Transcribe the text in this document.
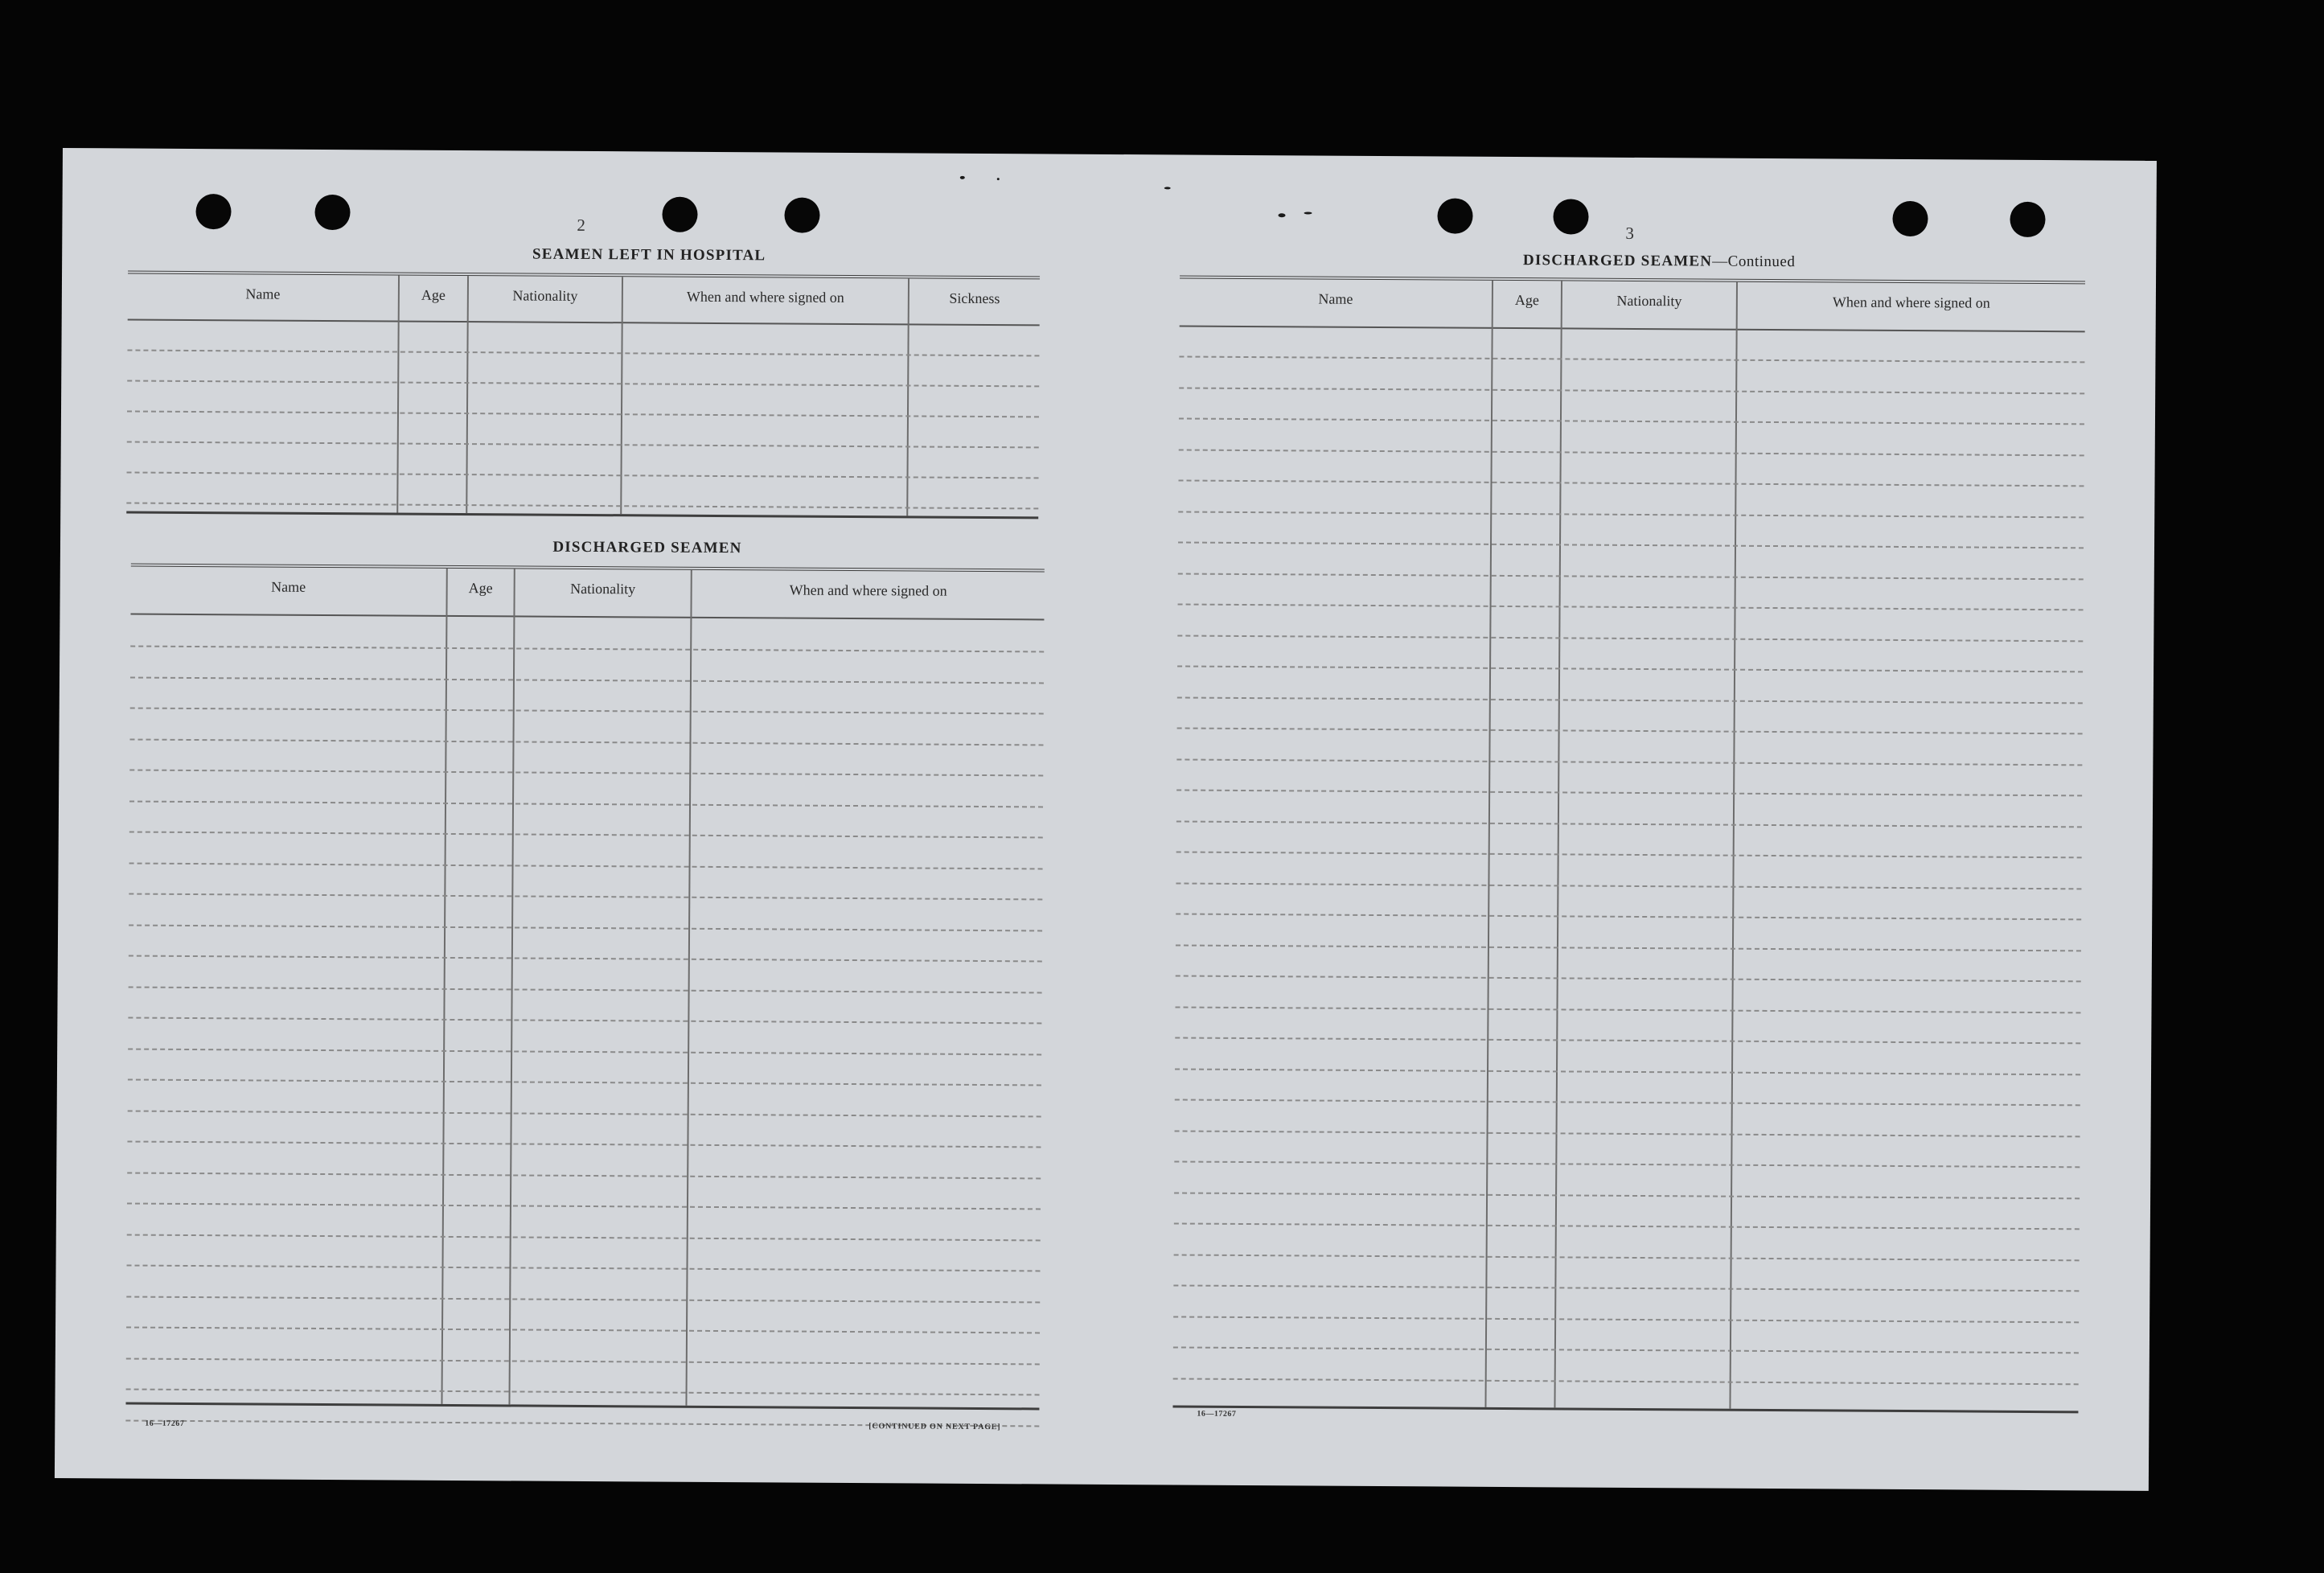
2
SEAMEN LEFT IN HOSPITAL
Name	Age	Nationality	When and where signed on	Sickness
DISCHARGED SEAMEN
Name	Age	Nationality	When and where signed on
16—17267	[CONTINUED ON NEXT PAGE]
3
DISCHARGED SEAMEN—Continued
Name	Age	Nationality	When and where signed on
16—17267
